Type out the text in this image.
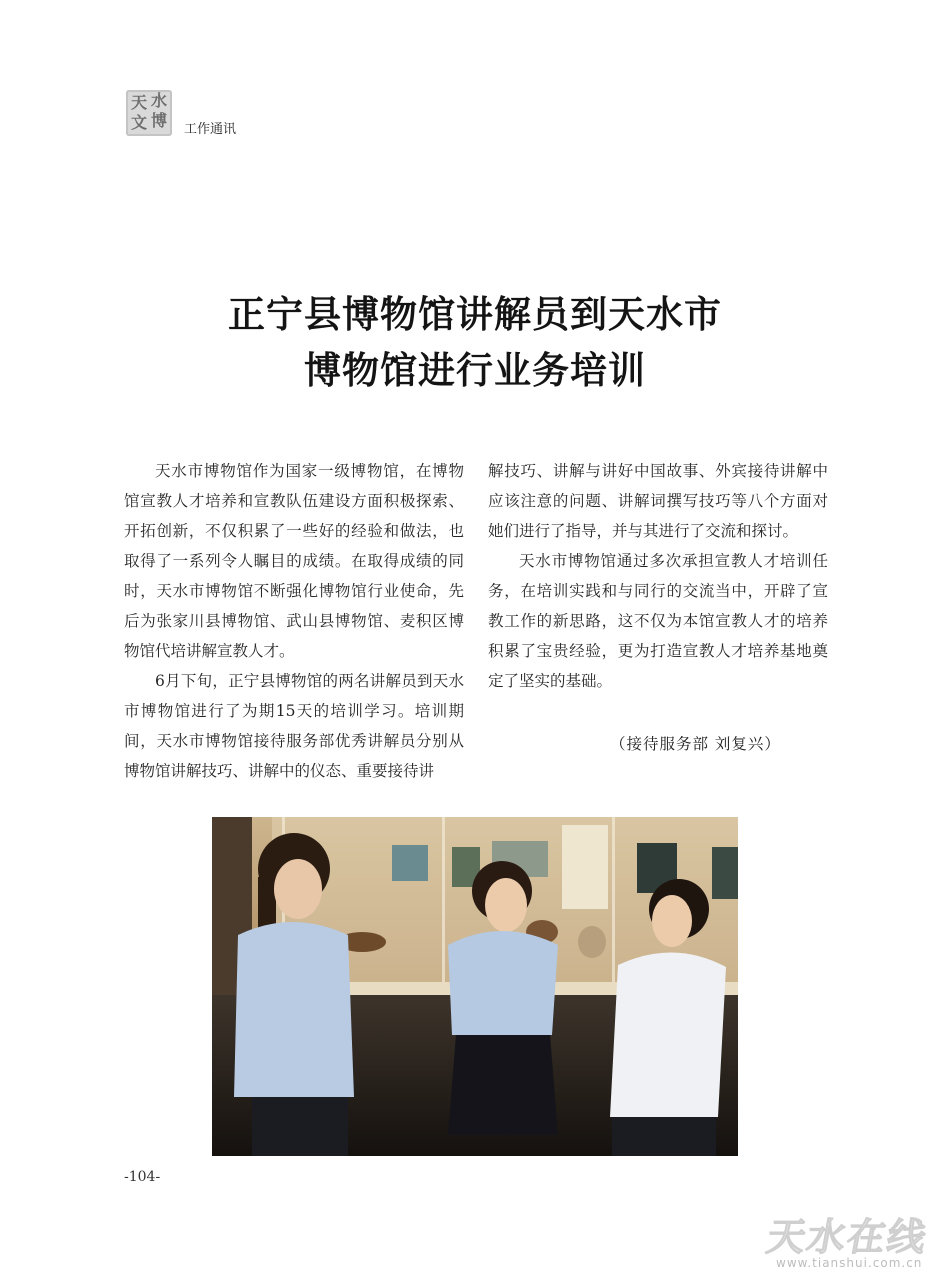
天 水
文 博 工作通讯
正宁县博物馆讲解员到天水市
博物馆进行业务培训

天水市博物馆作为国家一级博物馆，在博物馆宣教人才培养和宣教队伍建设方面积极探索、开拓创新，不仅积累了一些好的经验和做法，也取得了一系列令人瞩目的成绩。在取得成绩的同时，天水市博物馆不断强化博物馆行业使命，先后为张家川县博物馆、武山县博物馆、麦积区博物馆代培讲解宣教人才。

6月下旬，正宁县博物馆的两名讲解员到天水市博物馆进行了为期15天的培训学习。培训期间，天水市博物馆接待服务部优秀讲解员分别从博物馆讲解技巧、讲解中的仪态、重要接待讲

解技巧、讲解与讲好中国故事、外宾接待讲解中应该注意的问题、讲解词撰写技巧等八个方面对她们进行了指导，并与其进行了交流和探讨。

天水市博物馆通过多次承担宣教人才培训任务，在培训实践和与同行的交流当中，开辟了宣教工作的新思路，这不仅为本馆宣教人才的培养积累了宝贵经验，更为打造宣教人才培养基地奠定了坚实的基础。

（接待服务部 刘复兴）
-104-
天水在线
www.tianshui.com.cn
